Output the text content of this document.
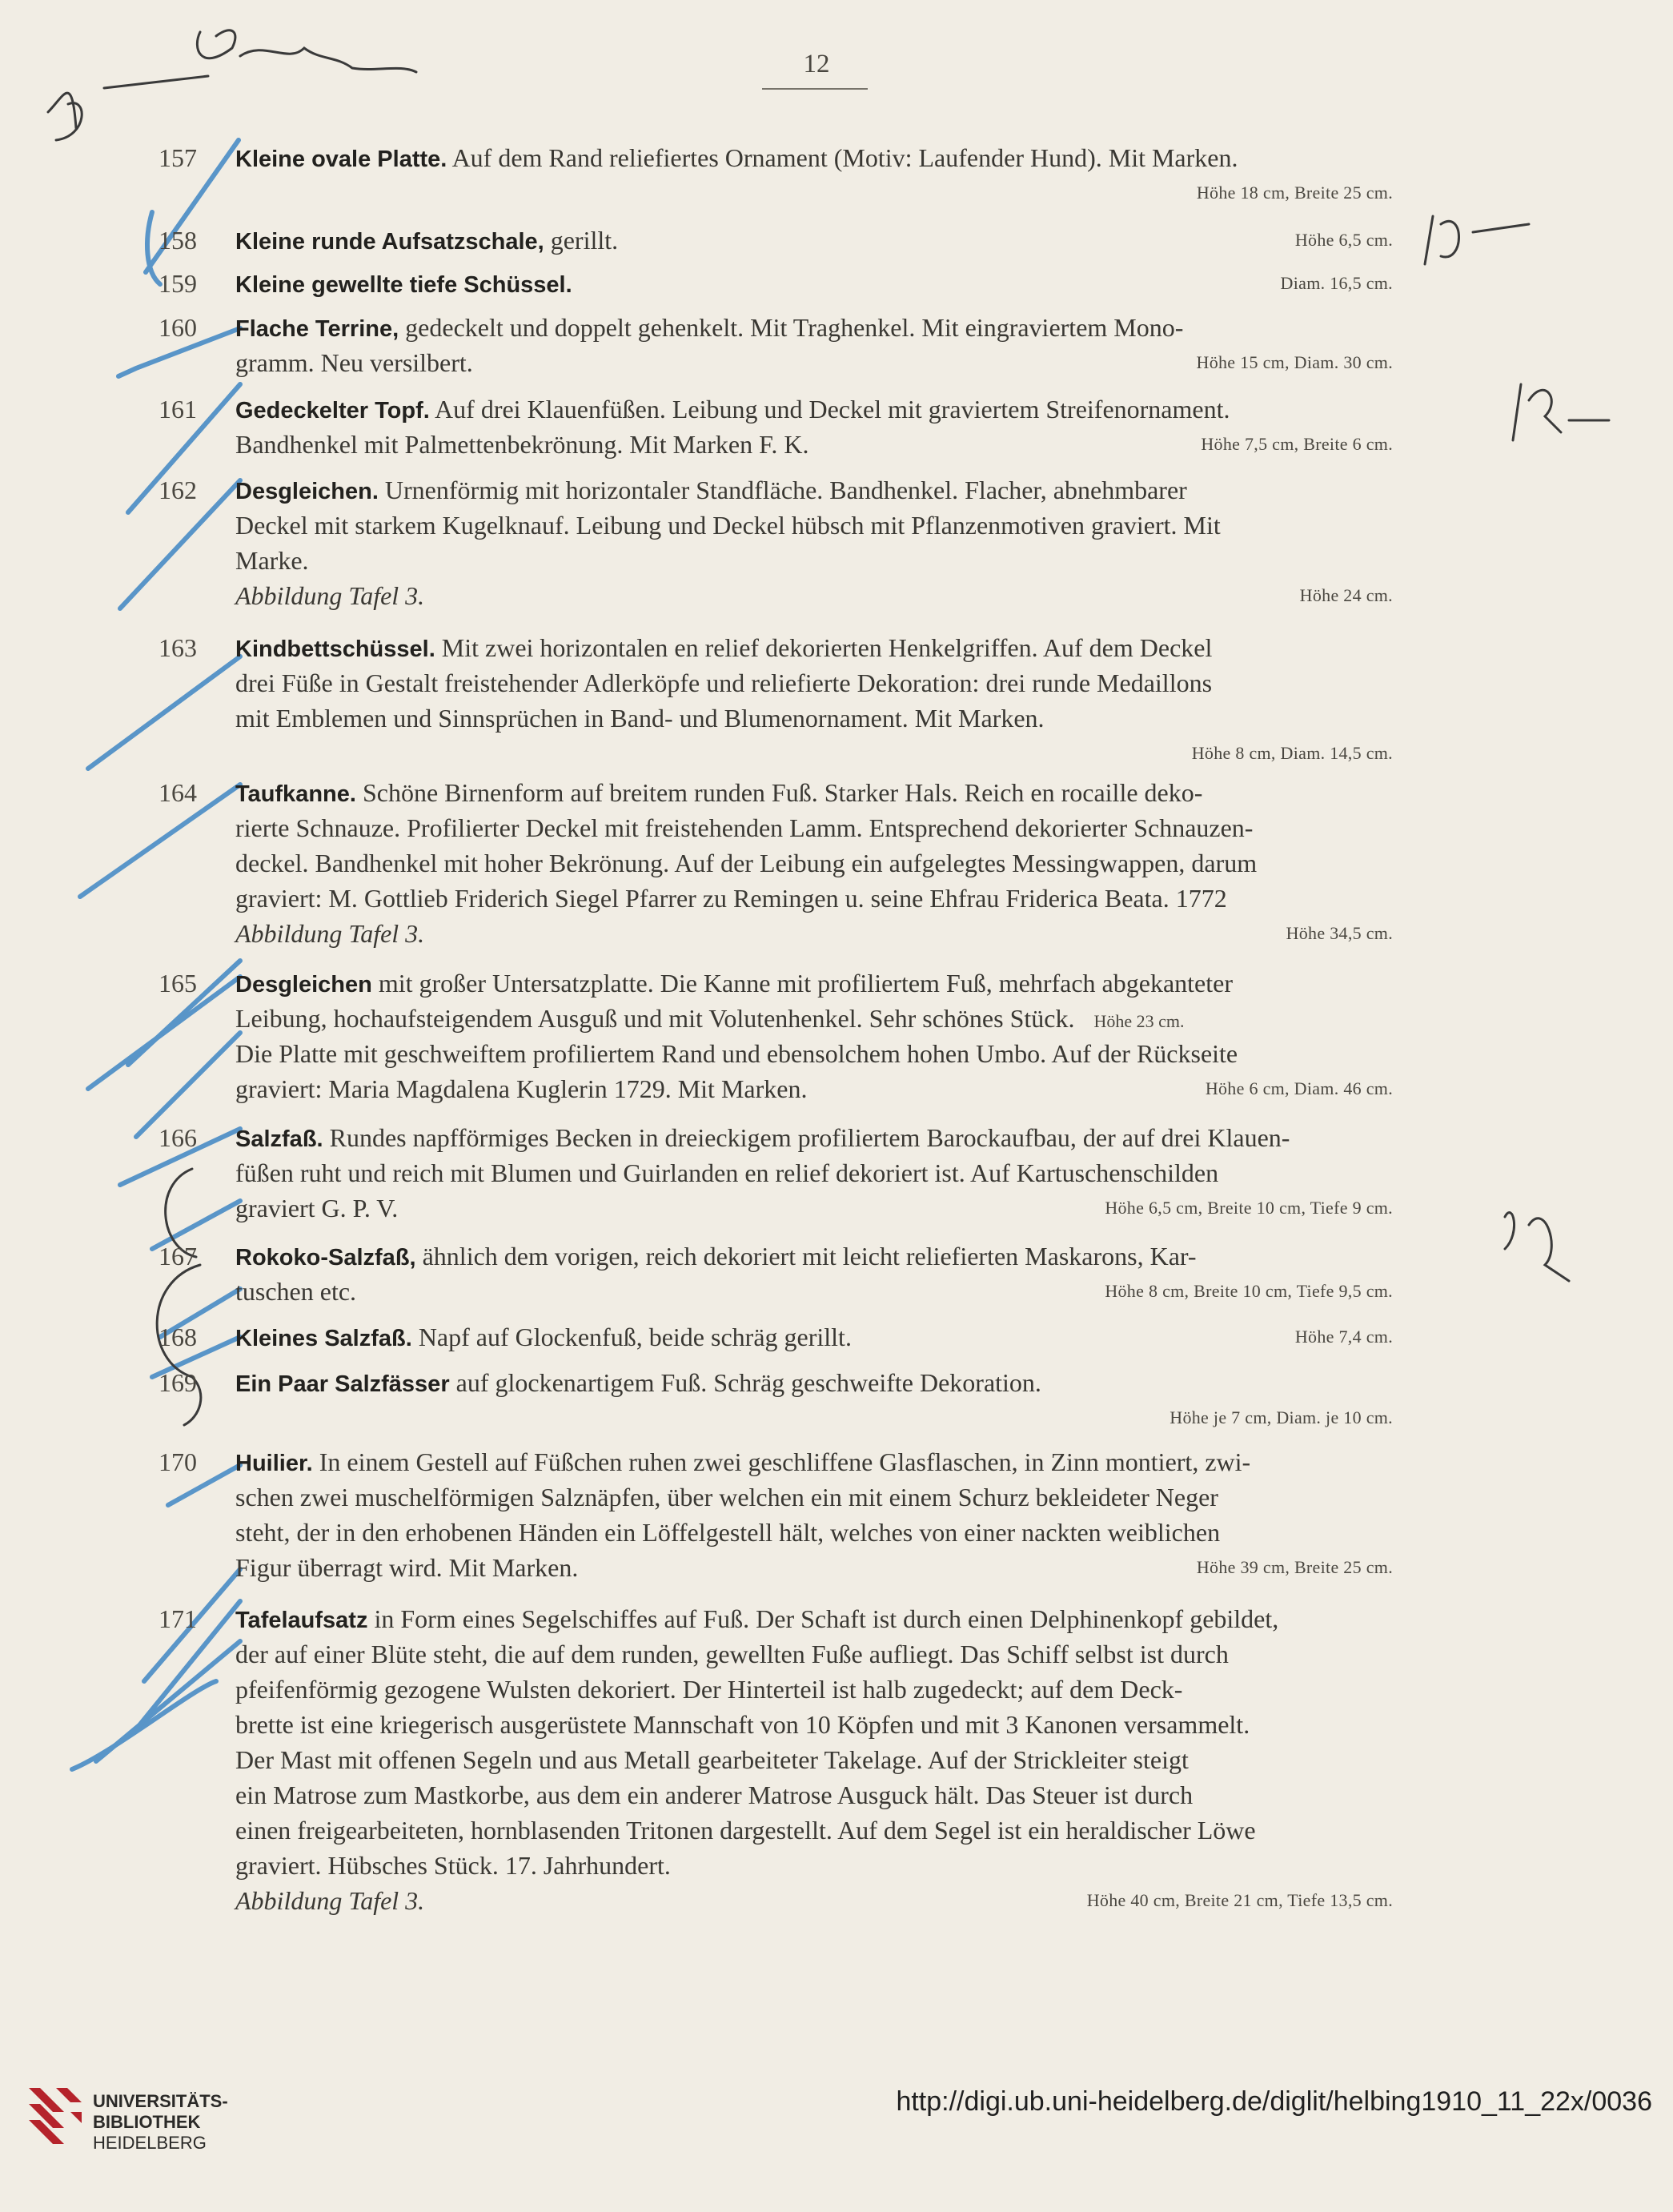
12
157	Kleine ovale Platte. Auf dem Rand reliefiertes Ornament (Motiv: Laufender Hund). Mit Marken.
Höhe 18 cm, Breite 25 cm.
158	Kleine runde Aufsatzschale, gerillt.	Höhe 6,5 cm.
159	Kleine gewellte tiefe Schüssel.	Diam. 16,5 cm.
160	Flache Terrine, gedeckelt und doppelt gehenkelt. Mit Traghenkel. Mit eingraviertem Mono-
gramm. Neu versilbert.	Höhe 15 cm, Diam. 30 cm.
161	Gedeckelter Topf. Auf drei Klauenfüßen. Leibung und Deckel mit graviertem Streifenornament.
Bandhenkel mit Palmettenbekrönung. Mit Marken F. K.	Höhe 7,5 cm, Breite 6 cm.
162	Desgleichen. Urnenförmig mit horizontaler Standfläche. Bandhenkel. Flacher, abnehmbarer
Deckel mit starkem Kugelknauf. Leibung und Deckel hübsch mit Pflanzenmotiven graviert. Mit
Marke.
Abbildung Tafel 3.	Höhe 24 cm.
163	Kindbettschüssel. Mit zwei horizontalen en relief dekorierten Henkelgriffen. Auf dem Deckel
drei Füße in Gestalt freistehender Adlerköpfe und reliefierte Dekoration: drei runde Medaillons
mit Emblemen und Sinnsprüchen in Band- und Blumenornament. Mit Marken.
Höhe 8 cm, Diam. 14,5 cm.
164	Taufkanne. Schöne Birnenform auf breitem runden Fuß. Starker Hals. Reich en rocaille deko-
rierte Schnauze. Profilierter Deckel mit freistehenden Lamm. Entsprechend dekorierter Schnauzen-
deckel. Bandhenkel mit hoher Bekrönung. Auf der Leibung ein aufgelegtes Messingwappen, darum
graviert: M. Gottlieb Friderich Siegel Pfarrer zu Remingen u. seine Ehfrau Friderica Beata. 1772
Abbildung Tafel 3.	Höhe 34,5 cm.
165	Desgleichen mit großer Untersatzplatte. Die Kanne mit profiliertem Fuß, mehrfach abgekanteter
Leibung, hochaufsteigendem Ausguß und mit Volutenhenkel. Sehr schönes Stück. Höhe 23 cm.
Die Platte mit geschweiftem profiliertem Rand und ebensolchem hohen Umbo. Auf der Rückseite
graviert: Maria Magdalena Kuglerin 1729. Mit Marken.	Höhe 6 cm, Diam. 46 cm.
166	Salzfaß. Rundes napfförmiges Becken in dreieckigem profiliertem Barockaufbau, der auf drei Klauen-
füßen ruht und reich mit Blumen und Guirlanden en relief dekoriert ist. Auf Kartuschenschilden
graviert G. P. V.	Höhe 6,5 cm, Breite 10 cm, Tiefe 9 cm.
167	Rokoko-Salzfaß, ähnlich dem vorigen, reich dekoriert mit leicht reliefierten Maskarons, Kar-
tuschen etc.	Höhe 8 cm, Breite 10 cm, Tiefe 9,5 cm.
168	Kleines Salzfaß. Napf auf Glockenfuß, beide schräg gerillt.	Höhe 7,4 cm.
169	Ein Paar Salzfässer auf glockenartigem Fuß. Schräg geschweifte Dekoration.
Höhe je 7 cm, Diam. je 10 cm.
170	Huilier. In einem Gestell auf Füßchen ruhen zwei geschliffene Glasflaschen, in Zinn montiert, zwi-
schen zwei muschelförmigen Salznäpfen, über welchen ein mit einem Schurz bekleideter Neger
steht, der in den erhobenen Händen ein Löffelgestell hält, welches von einer nackten weiblichen
Figur überragt wird. Mit Marken.	Höhe 39 cm, Breite 25 cm.
171	Tafelaufsatz in Form eines Segelschiffes auf Fuß. Der Schaft ist durch einen Delphinenkopf gebildet,
der auf einer Blüte steht, die auf dem runden, gewellten Fuße aufliegt. Das Schiff selbst ist durch
pfeifenförmig gezogene Wulsten dekoriert. Der Hinterteil ist halb zugedeckt; auf dem Deck-
brette ist eine kriegerisch ausgerüstete Mannschaft von 10 Köpfen und mit 3 Kanonen versammelt.
Der Mast mit offenen Segeln und aus Metall gearbeiteter Takelage. Auf der Strickleiter steigt
ein Matrose zum Mastkorbe, aus dem ein anderer Matrose Ausguck hält. Das Steuer ist durch
einen freigearbeiteten, hornblasenden Tritonen dargestellt. Auf dem Segel ist ein heraldischer Löwe
graviert. Hübsches Stück. 17. Jahrhundert.
Abbildung Tafel 3.	Höhe 40 cm, Breite 21 cm, Tiefe 13,5 cm.
UNIVERSITÄTS-
BIBLIOTHEK
HEIDELBERG
http://digi.ub.uni-heidelberg.de/diglit/helbing1910_11_22x/0036
